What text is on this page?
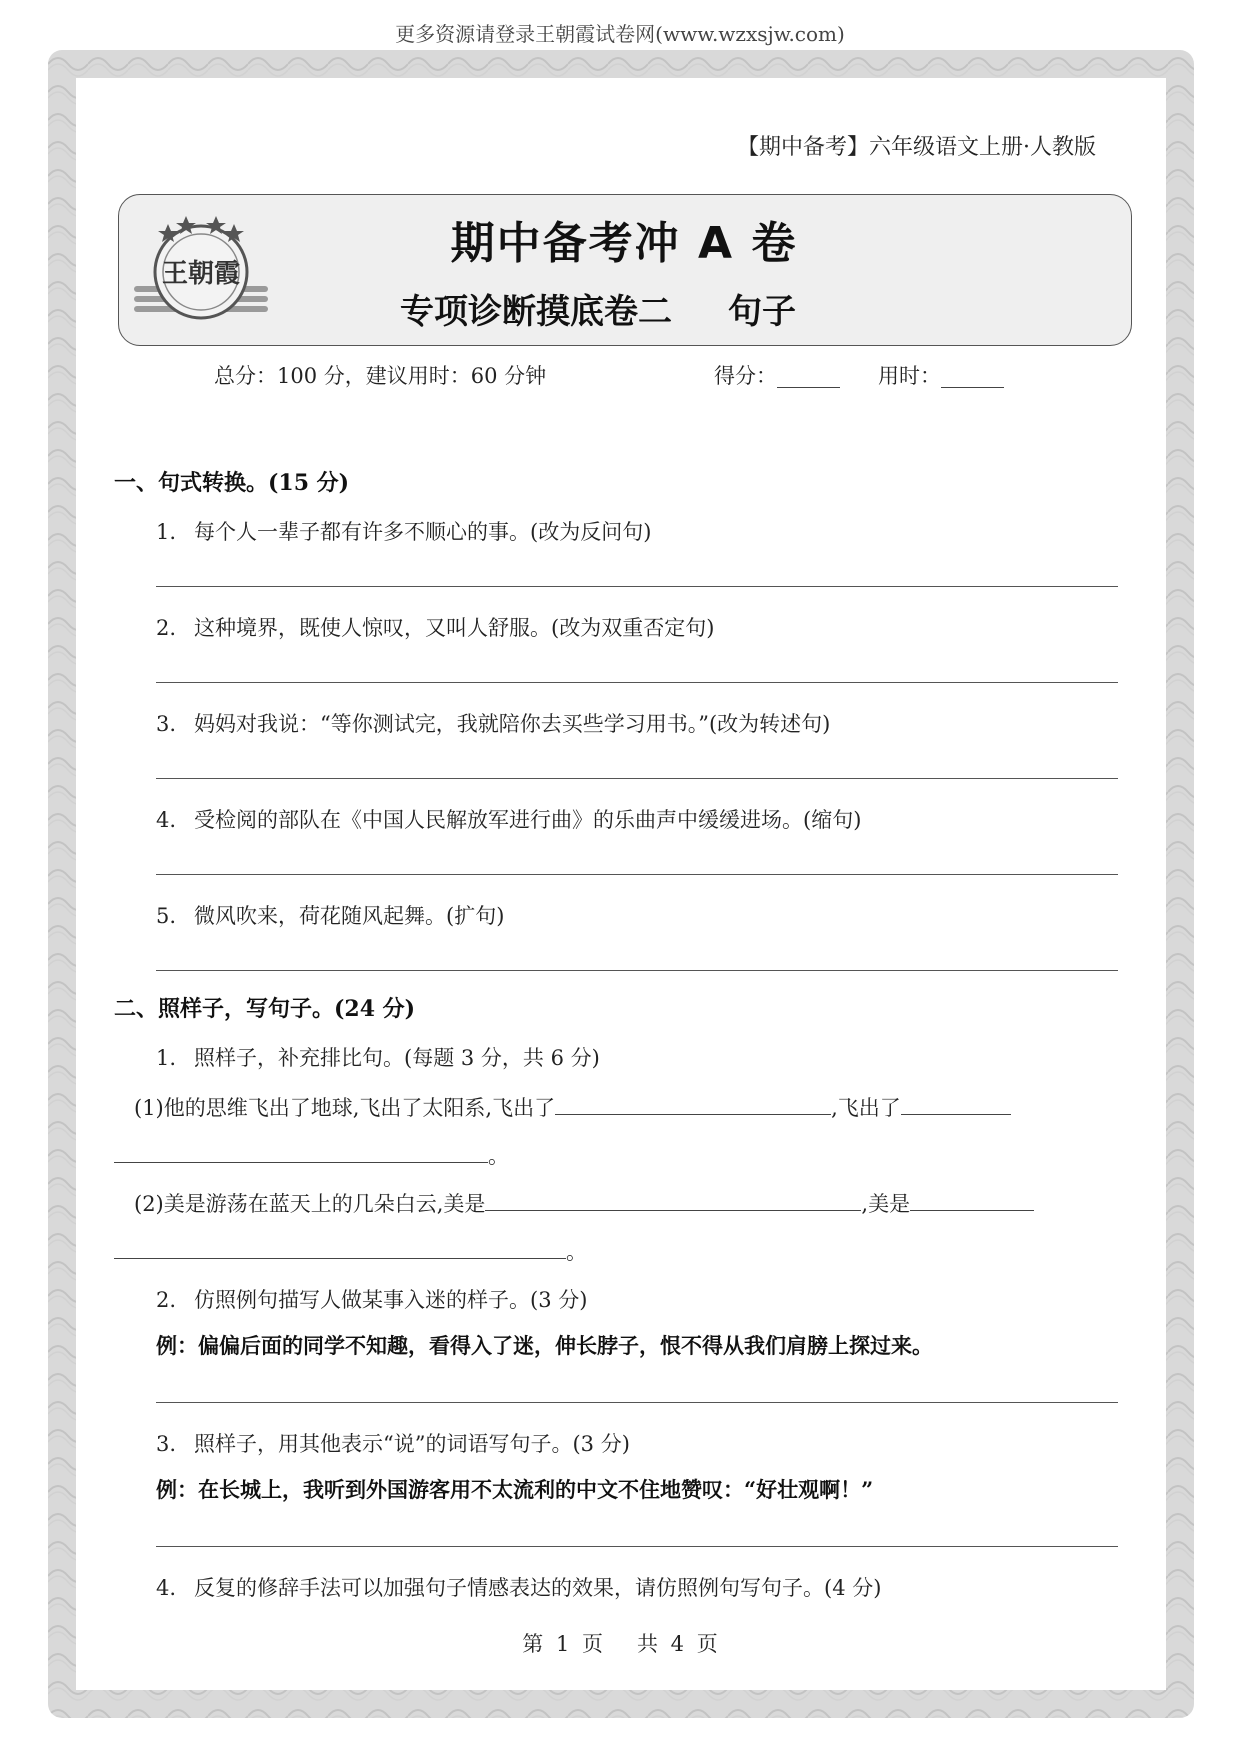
更多资源请登录王朝霞试卷网(www.wzxsjw.com)
【期中备考】六年级语文上册·人教版
王朝霞
期中备考冲 A 卷
专项诊断摸底卷二 句子
总分：100 分，建议用时：60 分钟	得分：______ 用时：______
一、句式转换。(15 分)
1. 每个人一辈子都有许多不顺心的事。(改为反问句)
2. 这种境界，既使人惊叹，又叫人舒服。(改为双重否定句)
3. 妈妈对我说：“等你测试完，我就陪你去买些学习用书。”(改为转述句)
4. 受检阅的部队在《中国人民解放军进行曲》的乐曲声中缓缓进场。(缩句)
5. 微风吹来，荷花随风起舞。(扩句)
二、照样子，写句子。(24 分)
1. 照样子，补充排比句。(每题 3 分，共 6 分)
(1)他的思维飞出了地球,飞出了太阳系,飞出了	,飞出了
。
(2)美是游荡在蓝天上的几朵白云,美是	,美是
。
2. 仿照例句描写人做某事入迷的样子。(3 分)
例：偏偏后面的同学不知趣，看得入了迷，伸长脖子，恨不得从我们肩膀上探过来。
3. 照样子，用其他表示“说”的词语写句子。(3 分)
例：在长城上，我听到外国游客用不太流利的中文不住地赞叹：“好壮观啊！”
4. 反复的修辞手法可以加强句子情感表达的效果，请仿照例句写句子。(4 分)
第 1 页 共 4 页
